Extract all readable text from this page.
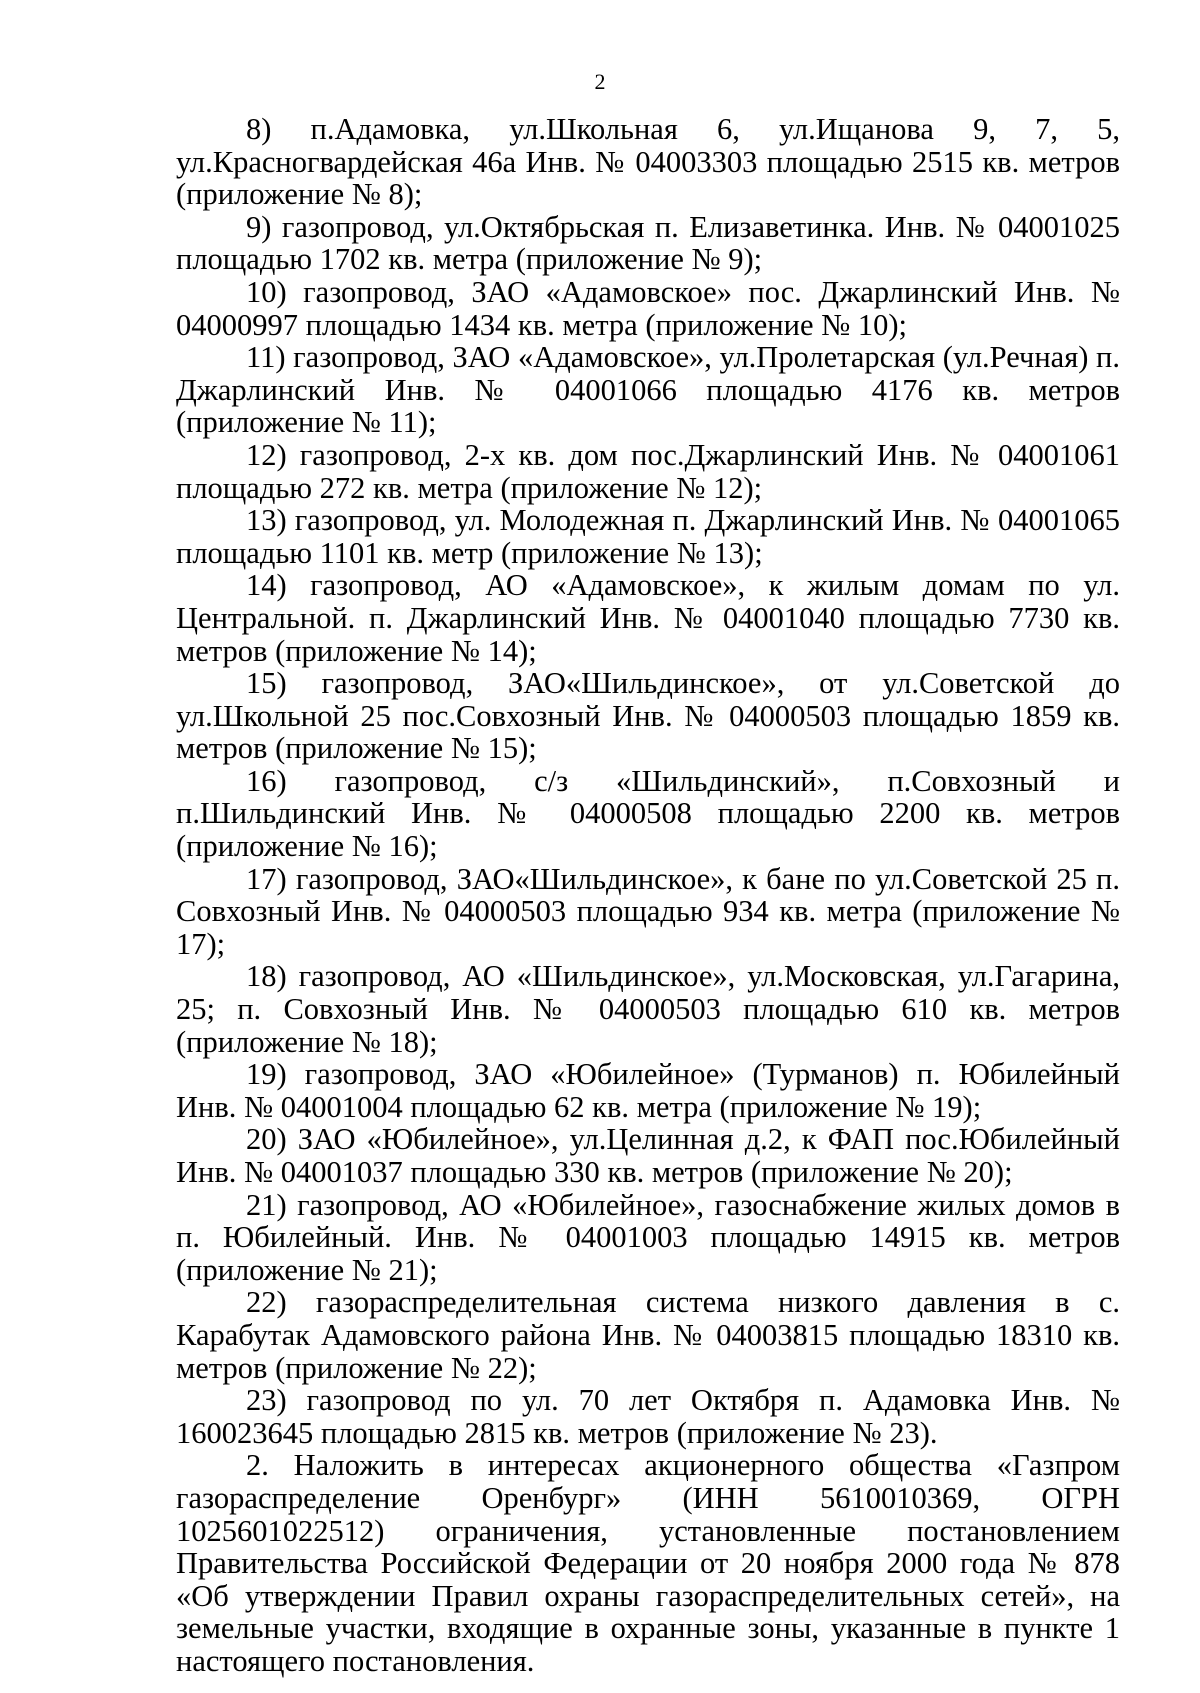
2

8) п.Адамовка, ул.Школьная 6, ул.Ищанова 9, 7, 5, ул.Красногвардейская 46а Инв. № 04003303 площадью 2515 кв. метров (приложение № 8);

9) газопровод, ул.Октябрьская п. Елизаветинка. Инв. № 04001025 площадью 1702 кв. метра (приложение № 9);

10) газопровод, ЗАО «Адамовское» пос. Джарлинский Инв. № 04000997 площадью 1434 кв. метра (приложение № 10);

11) газопровод, ЗАО «Адамовское», ул.Пролетарская (ул.Речная) п. Джарлинский Инв. № 04001066 площадью 4176 кв. метров (приложение № 11);

12) газопровод, 2-х кв. дом пос.Джарлинский Инв. № 04001061 площадью 272 кв. метра (приложение № 12);

13) газопровод, ул. Молодежная п. Джарлинский Инв. № 04001065 площадью 1101 кв. метр (приложение № 13);

14) газопровод, АО «Адамовское», к жилым домам по ул. Центральной. п. Джарлинский Инв. № 04001040 площадью 7730 кв. метров (приложение № 14);

15) газопровод, ЗАО«Шильдинское», от ул.Советской до ул.Школьной 25 пос.Совхозный Инв. № 04000503 площадью 1859 кв. метров (приложение № 15);

16) газопровод, с/з «Шильдинский», п.Совхозный и п.Шильдинский Инв. № 04000508 площадью 2200 кв. метров (приложение № 16);

17) газопровод, ЗАО«Шильдинское», к бане по ул.Советской 25 п. Совхозный Инв. № 04000503 площадью 934 кв. метра (приложение № 17);

18) газопровод, АО «Шильдинское», ул.Московская, ул.Гагарина, 25; п. Совхозный Инв. № 04000503 площадью 610 кв. метров (приложение № 18);

19) газопровод, ЗАО «Юбилейное» (Турманов) п. Юбилейный Инв. № 04001004 площадью 62 кв. метра (приложение № 19);

20) ЗАО «Юбилейное», ул.Целинная д.2, к ФАП пос.Юбилейный Инв. № 04001037 площадью 330 кв. метров (приложение № 20);

21) газопровод, АО «Юбилейное», газоснабжение жилых домов в п. Юбилейный. Инв. № 04001003 площадью 14915 кв. метров (приложение № 21);

22) газораспределительная система низкого давления в с. Карабутак Адамовского района Инв. № 04003815 площадью 18310 кв. метров (приложение № 22);

23) газопровод по ул. 70 лет Октября п. Адамовка Инв. № 160023645 площадью 2815 кв. метров (приложение № 23).

2. Наложить в интересах акционерного общества «Газпром газораспределение Оренбург» (ИНН 5610010369, ОГРН 1025601022512) ограничения, установленные постановлением Правительства Российской Федерации от 20 ноября 2000 года № 878 «Об утверждении Правил охраны газораспределительных сетей», на земельные участки, входящие в охранные зоны, указанные в пункте 1 настоящего постановления.
